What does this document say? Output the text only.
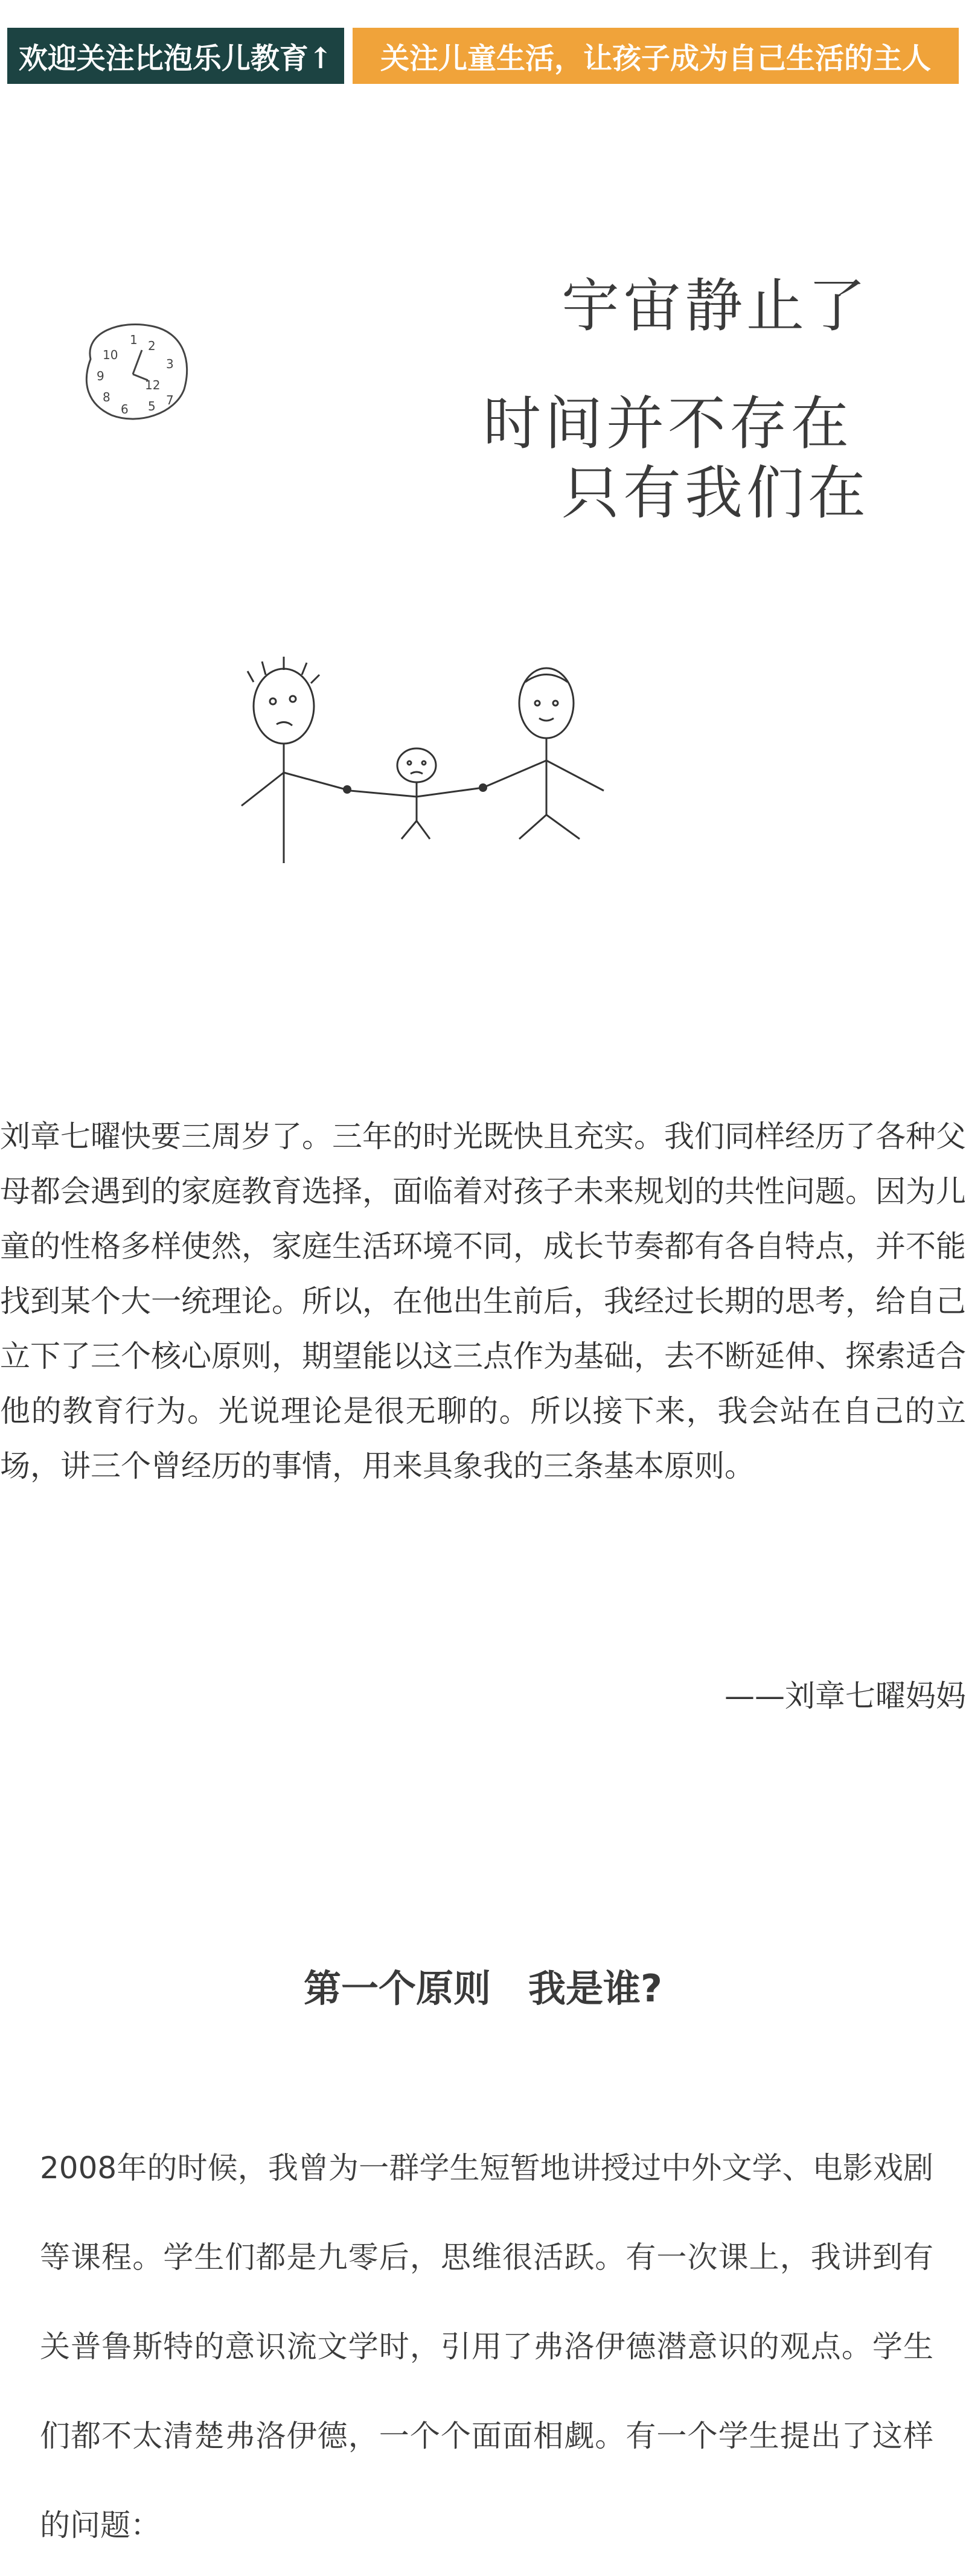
欢迎关注比泡乐儿教育↑	关注儿童生活，让孩子成为自己生活的主人
10
1 2
3
9
12
8
6 5 7
宇宙静止了
时间并不存在
只有我们在
刘章七曜快要三周岁了。三年的时光既快且充实。我们同样经历了各种父母都会遇到的家庭教育选择，面临着对孩子未来规划的共性问题。因为儿童的性格多样使然，家庭生活环境不同，成长节奏都有各自特点，并不能找到某个大一统理论。所以，在他出生前后，我经过长期的思考，给自己立下了三个核心原则，期望能以这三点作为基础，去不断延伸、探索适合他的教育行为。光说理论是很无聊的。所以接下来，我会站在自己的立场，讲三个曾经历的事情，用来具象我的三条基本原则。
——刘章七曜妈妈
第一个原则　我是谁?
2008年的时候，我曾为一群学生短暂地讲授过中外文学、电影戏剧等课程。学生们都是九零后，思维很活跃。有一次课上，我讲到有关普鲁斯特的意识流文学时，引用了弗洛伊德潜意识的观点。学生们都不太清楚弗洛伊德，一个个面面相觑。有一个学生提出了这样的问题：
